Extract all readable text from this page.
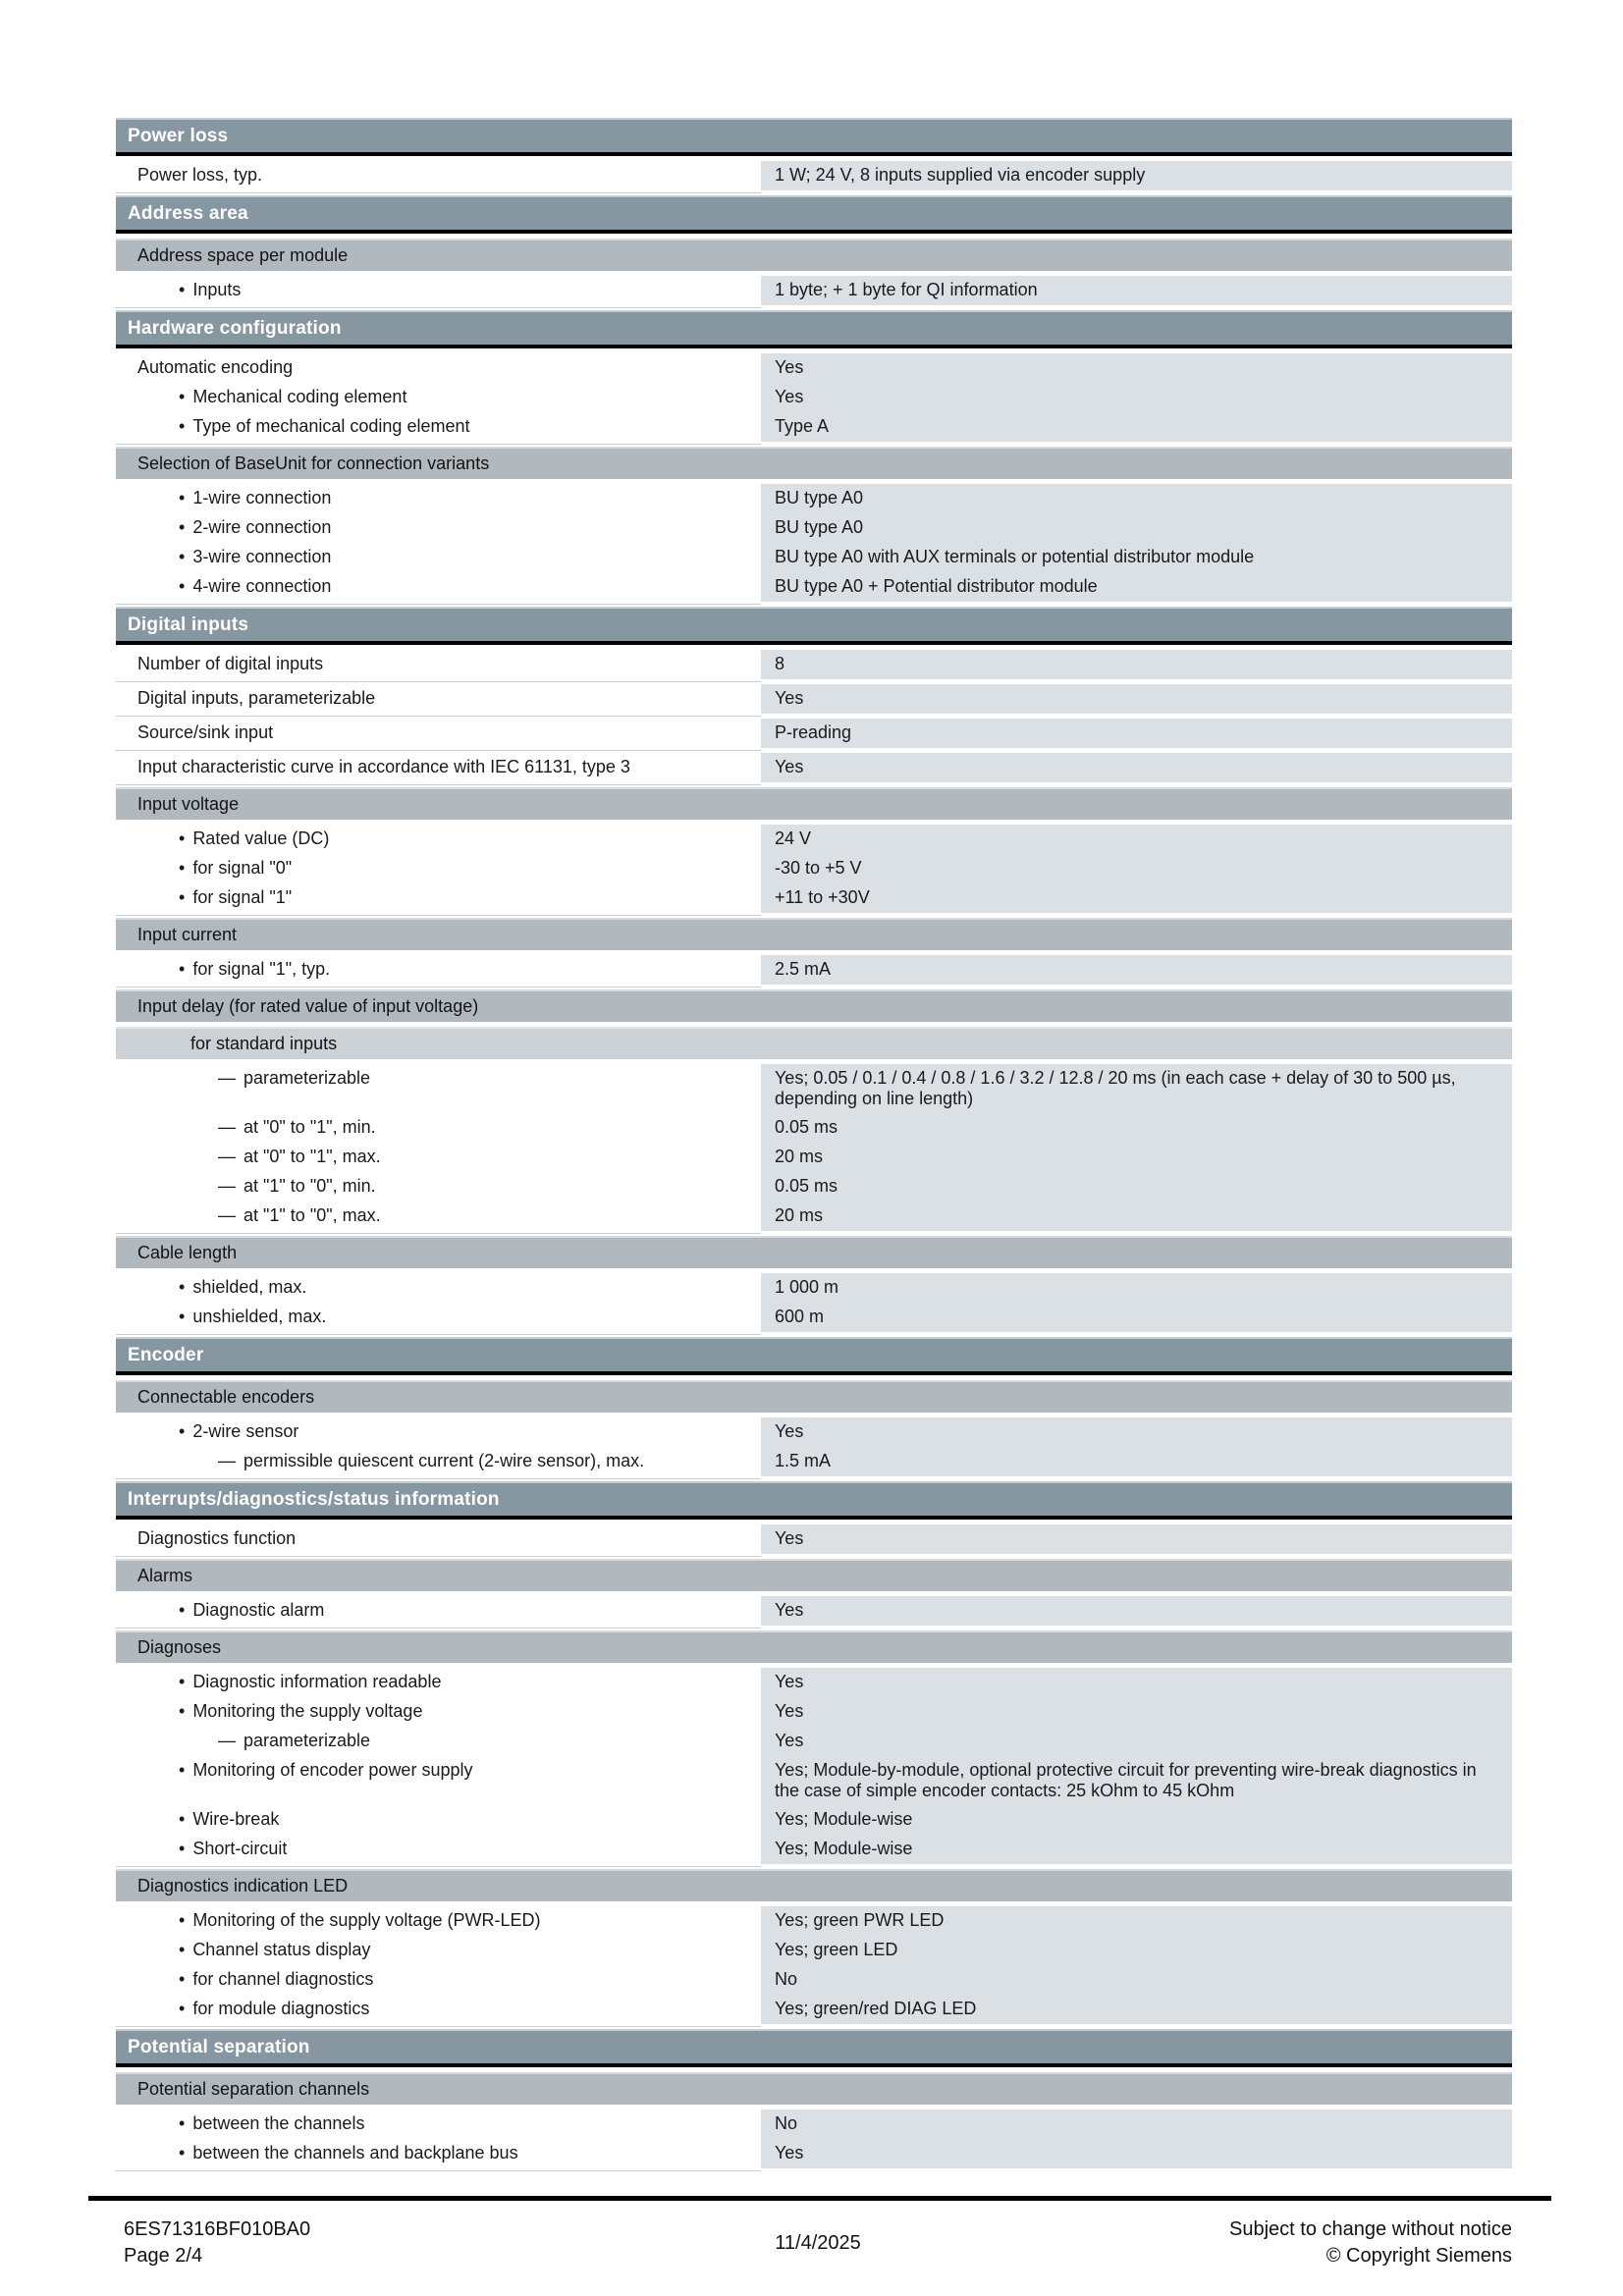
Power loss
Power loss, typ.	1 W; 24 V, 8 inputs supplied via encoder supply
Address area
Address space per module
• Inputs	1 byte; + 1 byte for QI information
Hardware configuration
Automatic encoding	Yes
• Mechanical coding element	Yes
• Type of mechanical coding element	Type A
Selection of BaseUnit for connection variants
• 1-wire connection	BU type A0
• 2-wire connection	BU type A0
• 3-wire connection	BU type A0 with AUX terminals or potential distributor module
• 4-wire connection	BU type A0 + Potential distributor module
Digital inputs
Number of digital inputs	8
Digital inputs, parameterizable	Yes
Source/sink input	P-reading
Input characteristic curve in accordance with IEC 61131, type 3	Yes
Input voltage
• Rated value (DC)	24 V
• for signal "0"	-30 to +5 V
• for signal "1"	+11 to +30V
Input current
• for signal "1", typ.	2.5 mA
Input delay (for rated value of input voltage)
for standard inputs
— parameterizable	Yes; 0.05 / 0.1 / 0.4 / 0.8 / 1.6 / 3.2 / 12.8 / 20 ms (in each case + delay of 30 to 500 µs, depending on line length)
— at "0" to "1", min.	0.05 ms
— at "0" to "1", max.	20 ms
— at "1" to "0", min.	0.05 ms
— at "1" to "0", max.	20 ms
Cable length
• shielded, max.	1 000 m
• unshielded, max.	600 m
Encoder
Connectable encoders
• 2-wire sensor	Yes
— permissible quiescent current (2-wire sensor), max.	1.5 mA
Interrupts/diagnostics/status information
Diagnostics function	Yes
Alarms
• Diagnostic alarm	Yes
Diagnoses
• Diagnostic information readable	Yes
• Monitoring the supply voltage	Yes
— parameterizable	Yes
• Monitoring of encoder power supply	Yes; Module-by-module, optional protective circuit for preventing wire-break diagnostics in the case of simple encoder contacts: 25 kOhm to 45 kOhm
• Wire-break	Yes; Module-wise
• Short-circuit	Yes; Module-wise
Diagnostics indication LED
• Monitoring of the supply voltage (PWR-LED)	Yes; green PWR LED
• Channel status display	Yes; green LED
• for channel diagnostics	No
• for module diagnostics	Yes; green/red DIAG LED
Potential separation
Potential separation channels
• between the channels	No
• between the channels and backplane bus	Yes
6ES71316BF010BA0
Page 2/4
11/4/2025
Subject to change without notice
© Copyright Siemens
